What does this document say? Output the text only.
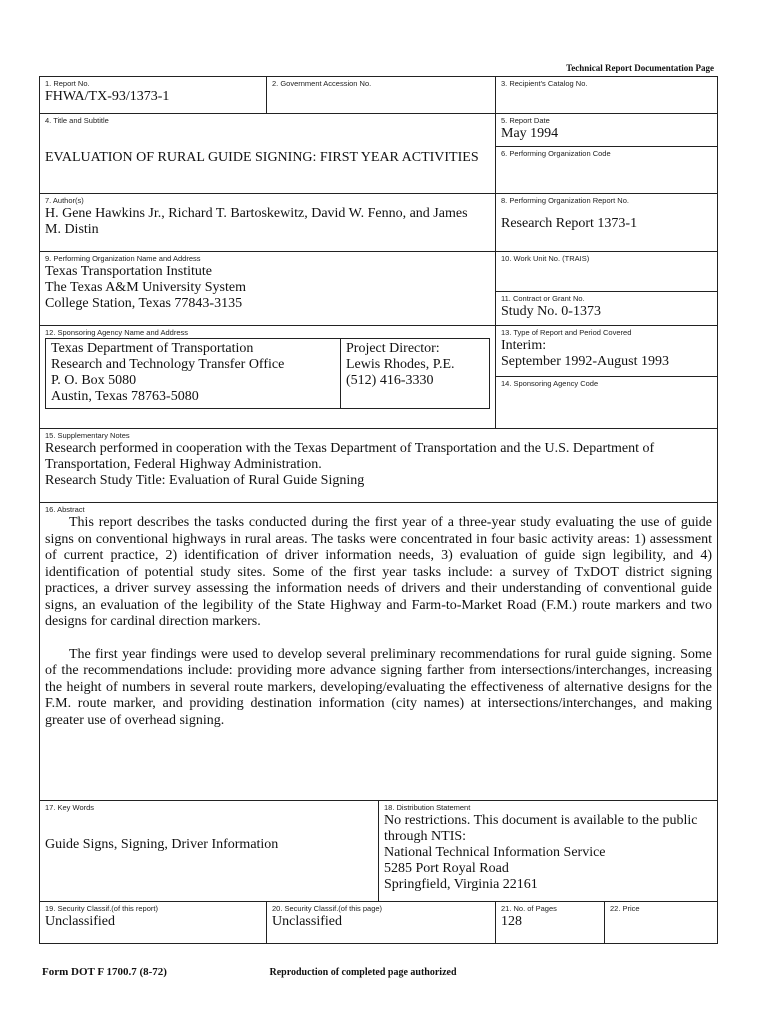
Technical Report Documentation Page
1. Report No.
FHWA/TX-93/1373-1

2. Government Accession No.	3. Recipient's Catalog No.

4. Title and Subtitle
EVALUATION OF RURAL GUIDE SIGNING: FIRST YEAR ACTIVITIES

5. Report Date
May 1994
6. Performing Organization Code

7. Author(s)
H. Gene Hawkins Jr., Richard T. Bartoskewitz, David W. Fenno, and James M. Distin

8. Performing Organization Report No.
Research Report 1373-1

9. Performing Organization Name and Address
Texas Transportation Institute
The Texas A&M University System
College Station, Texas 77843-3135

10. Work Unit No. (TRAIS)
11. Contract or Grant No.
Study No. 0-1373

12. Sponsoring Agency Name and Address
Texas Department of Transportation
Research and Technology Transfer Office
P. O. Box 5080
Austin, Texas 78763-5080

Project Director:
Lewis Rhodes, P.E.
(512) 416-3330

13. Type of Report and Period Covered
Interim:
September 1992-August 1993
14. Sponsoring Agency Code

15. Supplementary Notes
Research performed in cooperation with the Texas Department of Transportation and the U.S. Department of Transportation, Federal Highway Administration.
Research Study Title: Evaluation of Rural Guide Signing

16. Abstract

This report describes the tasks conducted during the first year of a three-year study evaluating the use of guide signs on conventional highways in rural areas. The tasks were concentrated in four basic activity areas: 1) assessment of current practice, 2) identification of driver information needs, 3) evaluation of guide sign legibility, and 4) identification of potential study sites. Some of the first year tasks include: a survey of TxDOT district signing practices, a driver survey assessing the information needs of drivers and their understanding of conventional guide signs, an evaluation of the legibility of the State Highway and Farm-to-Market Road (F.M.) route markers and two designs for cardinal direction markers.

The first year findings were used to develop several preliminary recommendations for rural guide signing. Some of the recommendations include: providing more advance signing farther from intersections/interchanges, increasing the height of numbers in several route markers, developing/evaluating the effectiveness of alternative designs for the F.M. route marker, and providing destination information (city names) at intersections/interchanges, and making greater use of overhead signing.

17. Key Words
Guide Signs, Signing, Driver Information

18. Distribution Statement
No restrictions. This document is available to the public through NTIS:
National Technical Information Service
5285 Port Royal Road
Springfield, Virginia 22161

19. Security Classif.(of this report)
Unclassified

20. Security Classif.(of this page)
Unclassified

21. No. of Pages
128

22. Price
Form DOT F 1700.7 (8-72)	Reproduction of completed page authorized
